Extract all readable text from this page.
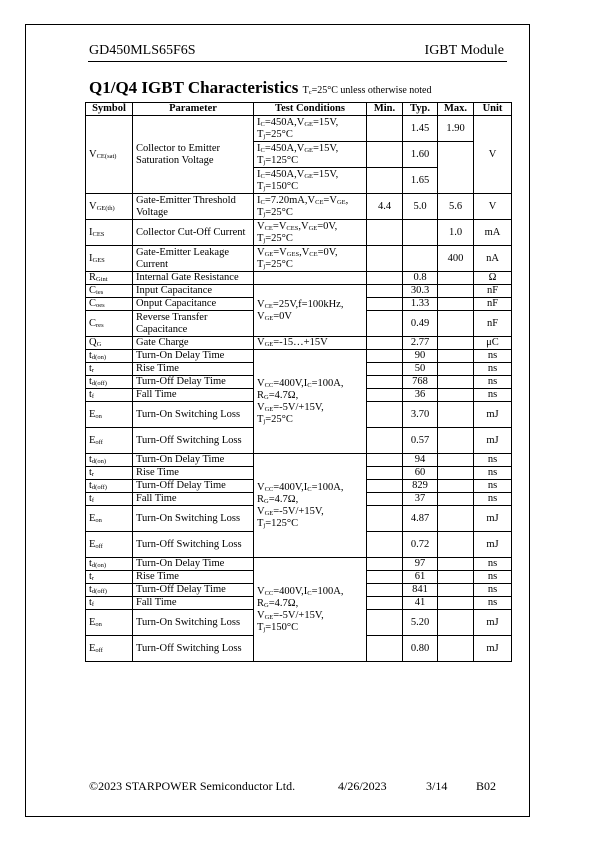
GD450MLS65F6S	IGBT Module
Q1/Q4 IGBT Characteristics $T_c=25^\circ C$ unless otherwise noted
Symbol	Parameter	Test Conditions	Min.	Typ.	Max.	Unit
$V_{CE(sat)}$	Collector to Emitter Saturation Voltage	$I_C=450A,V_{GE}=15V$,
$T_j=25^\circ C$		1.45	1.90	V
		$I_C=450A,V_{GE}=15V$,
$T_j=125^\circ C$		1.60		
		$I_C=450A,V_{GE}=15V$,
$T_j=150^\circ C$		1.65		
$V_{GE(th)}$	Gate-Emitter Threshold Voltage	$I_C=7.20mA,V_{CE}=V_{GE}$,
$T_j=25^\circ C$	4.4	5.0	5.6	V
$I_{CES}$	Collector Cut-Off Current	$V_{CE}=V_{CES},V_{GE}=0V$,
$T_j=25^\circ C$			1.0	mA
$I_{GES}$	Gate-Emitter Leakage Current	$V_{GE}=V_{GES},V_{CE}=0V$,
$T_j=25^\circ C$			400	nA
$R_{Gint}$	Internal Gate Resistance			0.8		Ω
$C_{ies}$	Input Capacitance	$V_{CE}=25V,f=100kHz$,
$V_{GE}=0V$		30.3		nF
$C_{oes}$	Onput Capacitance			1.33		nF
$C_{res}$	Reverse Transfer Capacitance			0.49		nF
$Q_G$	Gate Charge	$V_{GE}=-15\dots+15V$		2.77		μC
$t_{d(on)}$	Turn-On Delay Time	$V_{CC}=400V,I_C=100A$,
$R_G=4.7\Omega$,
$V_{GE}=-5V/+15V$,
$T_j=25^\circ C$		90		ns
$t_r$	Rise Time			50		ns
$t_{d(off)}$	Turn-Off Delay Time			768		ns
$t_f$	Fall Time			36		ns
$E_{on}$	Turn-On Switching Loss			3.70		mJ
$E_{off}$	Turn-Off Switching Loss			0.57		mJ
$t_{d(on)}$	Turn-On Delay Time	$V_{CC}=400V,I_C=100A$,
$R_G=4.7\Omega$,
$V_{GE}=-5V/+15V$,
$T_j=125^\circ C$		94		ns
$t_r$	Rise Time			60		ns
$t_{d(off)}$	Turn-Off Delay Time			829		ns
$t_f$	Fall Time			37		ns
$E_{on}$	Turn-On Switching Loss			4.87		mJ
$E_{off}$	Turn-Off Switching Loss			0.72		mJ
$t_{d(on)}$	Turn-On Delay Time	$V_{CC}=400V,I_C=100A$,
$R_G=4.7\Omega$,
$V_{GE}=-5V/+15V$,
$T_j=150^\circ C$		97		ns
$t_r$	Rise Time			61		ns
$t_{d(off)}$	Turn-Off Delay Time			841		ns
$t_f$	Fall Time			41		ns
$E_{on}$	Turn-On Switching Loss			5.20		mJ
$E_{off}$	Turn-Off Switching Loss			0.80		mJ
©2023 STARPOWER Semiconductor Ltd.	4/26/2023	3/14 B02
